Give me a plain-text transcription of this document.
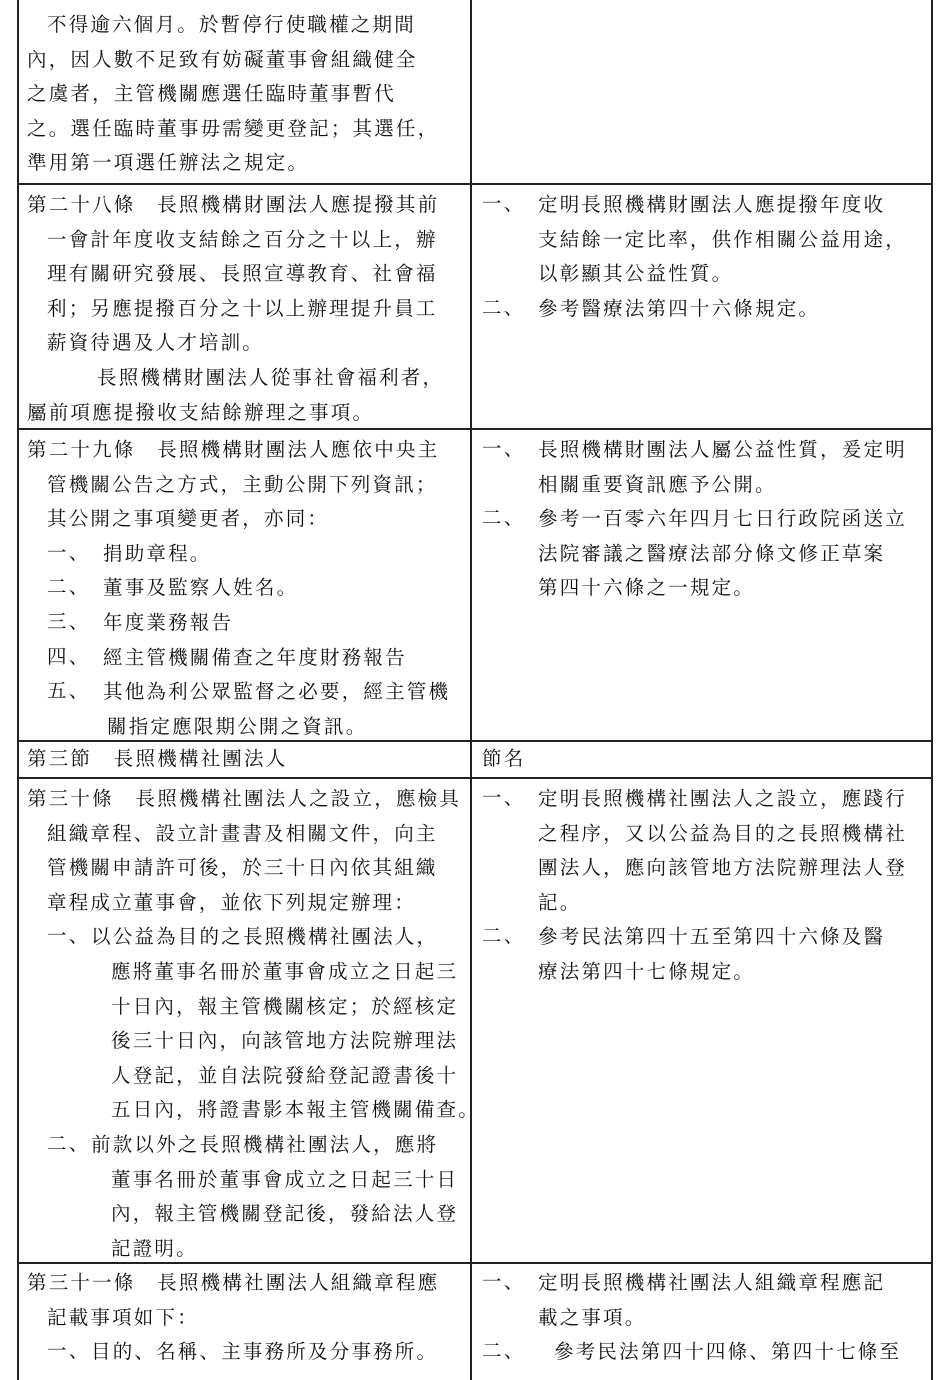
不得逾六個月。於暫停行使職權之期間
內，因人數不足致有妨礙董事會組織健全
之虞者，主管機關應選任臨時董事暫代
之。選任臨時董事毋需變更登記；其選任，
準用第一項選任辦法之規定。
第二十八條　長照機構財團法人應提撥其前
一會計年度收支結餘之百分之十以上，辦
理有關研究發展、長照宣導教育、社會福
利；另應提撥百分之十以上辦理提升員工
薪資待遇及人才培訓。
長照機構財團法人從事社會福利者，
屬前項應提撥收支結餘辦理之事項。
一、 定明長照機構財團法人應提撥年度收
支結餘一定比率，供作相關公益用途，
以彰顯其公益性質。
二、 參考醫療法第四十六條規定。
第二十九條　長照機構財團法人應依中央主
管機關公告之方式，主動公開下列資訊；
其公開之事項變更者，亦同：
一、 捐助章程。
二、 董事及監察人姓名。
三、 年度業務報告
四、 經主管機關備查之年度財務報告
五、 其他為利公眾監督之必要，經主管機
關指定應限期公開之資訊。
一、 長照機構財團法人屬公益性質，爰定明
相關重要資訊應予公開。
二、 參考一百零六年四月七日行政院函送立
法院審議之醫療法部分條文修正草案
第四十六條之一規定。
第三節　長照機構社團法人	節名
第三十條　長照機構社團法人之設立，應檢具
組織章程、設立計畫書及相關文件，向主
管機關申請許可後，於三十日內依其組織
章程成立董事會，並依下列規定辦理：
一、 以公益為目的之長照機構社團法人，
應將董事名冊於董事會成立之日起三
十日內，報主管機關核定；於經核定
後三十日內，向該管地方法院辦理法
人登記，並自法院發給登記證書後十
五日內，將證書影本報主管機關備查。
二、 前款以外之長照機構社團法人，應將
董事名冊於董事會成立之日起三十日
內，報主管機關登記後，發給法人登
記證明。
一、 定明長照機構社團法人之設立，應踐行
之程序，又以公益為目的之長照機構社
團法人，應向該管地方法院辦理法人登
記。
二、 參考民法第四十五至第四十六條及醫
療法第四十七條規定。
第三十一條　長照機構社團法人組織章程應
記載事項如下：
一、 目的、名稱、主事務所及分事務所。
一、 定明長照機構社團法人組織章程應記
載之事項。
二、	參考民法第四十四條、第四十七條至
